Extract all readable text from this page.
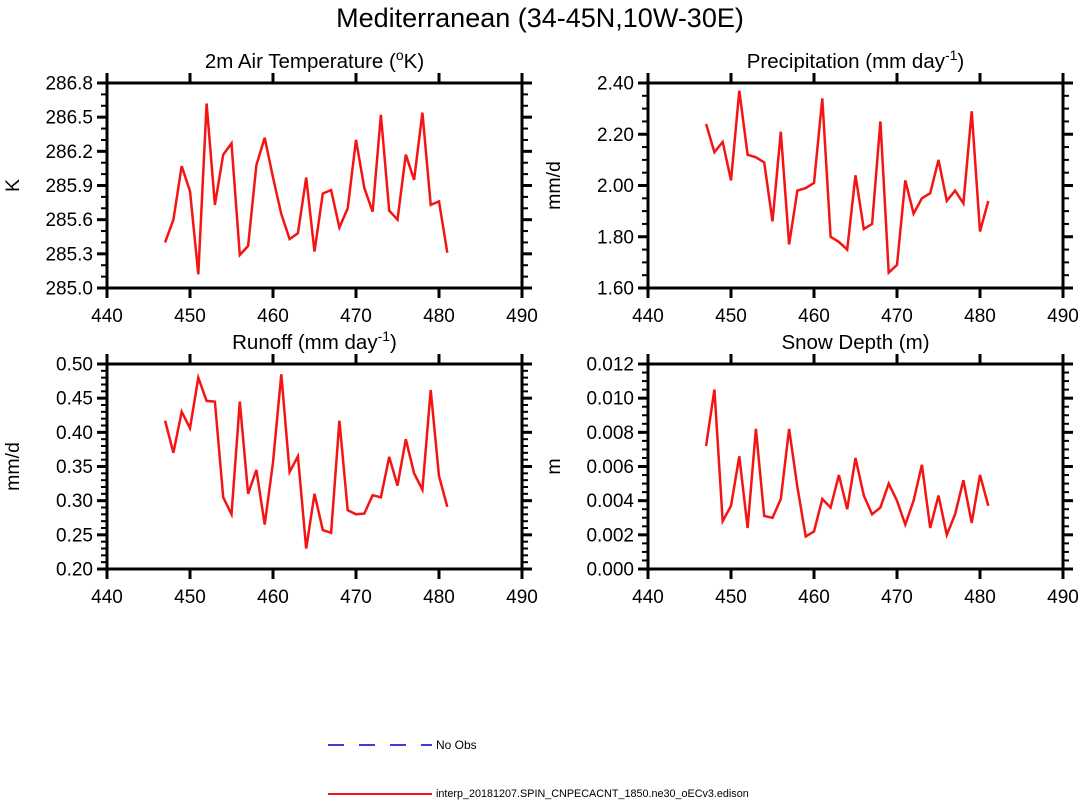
Mediterranean (34-45N,10W-30E)
440	450	460	470	480	490
285.0
285.3
285.6
285.9
286.2
286.5
286.8
2m Air Temperature ($^o$K)
K
440	450	460	470	480	490
1.60
1.80
2.00
2.20
2.40
Precipitation (mm day$^{-1}$)
mm/d
440	450	460	470	480	490
0.20
0.25
0.30
0.35
0.40
0.45
0.50
Runoff (mm day$^{-1}$)
mm/d
440	450	460	470	480	490
0.000
0.002
0.004
0.006
0.008
0.010
0.012
Snow Depth (m)
m
No Obs
interp_20181207.SPIN_CNPECACNT_1850.ne30_oECv3.edison
